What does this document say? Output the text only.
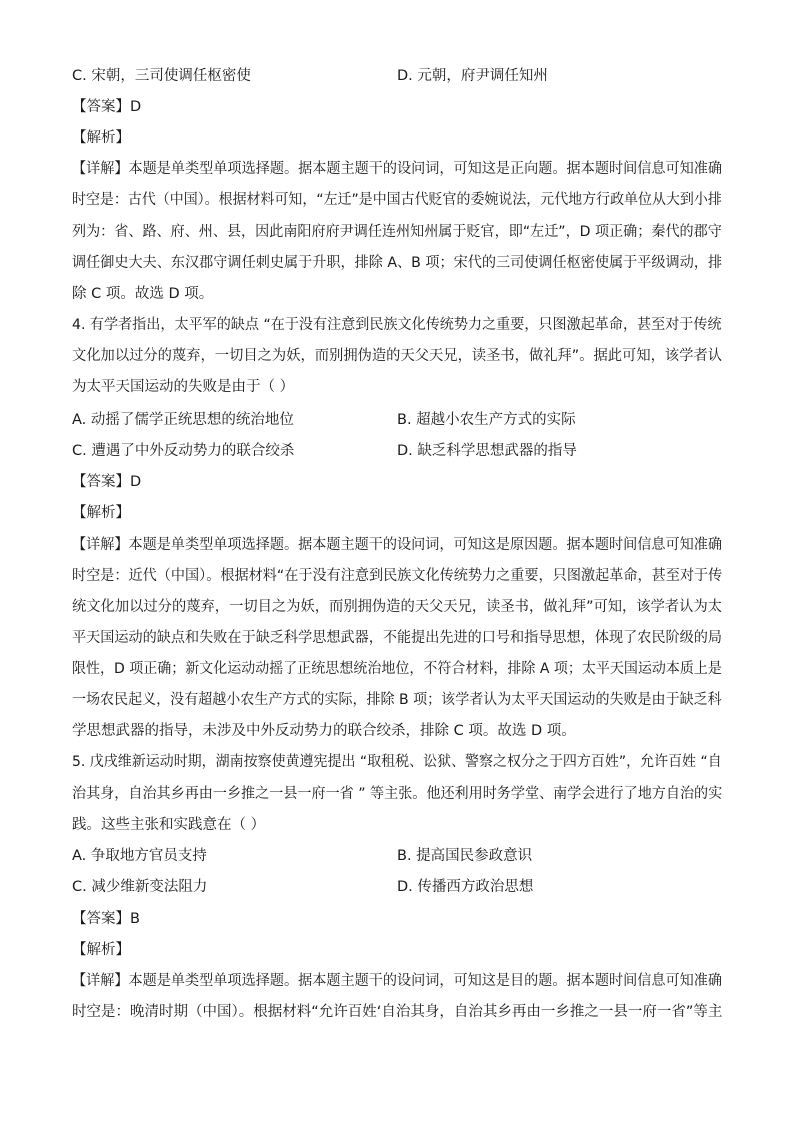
C. 宋朝，三司使调任枢密使	D. 元朝，府尹调任知州
【答案】D
【解析】
【详解】本题是单类型单项选择题。据本题主题干的设问词，可知这是正向题。据本题时间信息可知准确
时空是：古代（中国）。根据材料可知，“左迁”是中国古代贬官的委婉说法，元代地方行政单位从大到小排
列为：省、路、府、州、县，因此南阳府府尹调任连州知州属于贬官，即“左迁”，D 项正确；秦代的郡守
调任御史大夫、东汉郡守调任刺史属于升职，排除 A、B 项；宋代的三司使调任枢密使属于平级调动，排
除 C 项。故选 D 项。
4. 有学者指出，太平军的缺点 “在于没有注意到民族文化传统势力之重要，只图激起革命，甚至对于传统
文化加以过分的蔑弃，一切目之为妖，而别拥伪造的天父天兄，读圣书，做礼拜”。据此可知，该学者认
为太平天国运动的失败是由于（ ）
A. 动摇了儒学正统思想的统治地位	B. 超越小农生产方式的实际
C. 遭遇了中外反动势力的联合绞杀	D. 缺乏科学思想武器的指导
【答案】D
【解析】
【详解】本题是单类型单项选择题。据本题主题干的设问词，可知这是原因题。据本题时间信息可知准确
时空是：近代（中国）。根据材料“在于没有注意到民族文化传统势力之重要，只图激起革命，甚至对于传
统文化加以过分的蔑弃，一切目之为妖，而别拥伪造的天父天兄，读圣书，做礼拜”可知，该学者认为太
平天国运动的缺点和失败在于缺乏科学思想武器，不能提出先进的口号和指导思想，体现了农民阶级的局
限性，D 项正确；新文化运动动摇了正统思想统治地位，不符合材料，排除 A 项；太平天国运动本质上是
一场农民起义，没有超越小农生产方式的实际，排除 B 项；该学者认为太平天国运动的失败是由于缺乏科
学思想武器的指导，未涉及中外反动势力的联合绞杀，排除 C 项。故选 D 项。
5. 戊戌维新运动时期，湖南按察使黄遵宪提出 “取租税、讼狱、警察之权分之于四方百姓”，允许百姓 “自
治其身，自治其乡再由一乡推之一县一府一省 ” 等主张。他还利用时务学堂、南学会进行了地方自治的实
践。这些主张和实践意在（ ）
A. 争取地方官员支持	B. 提高国民参政意识
C. 减少维新变法阻力	D. 传播西方政治思想
【答案】B
【解析】
【详解】本题是单类型单项选择题。据本题主题干的设问词，可知这是目的题。据本题时间信息可知准确
时空是：晚清时期（中国）。根据材料“允许百姓‘自治其身，自治其乡再由一乡推之一县一府一省”等主
